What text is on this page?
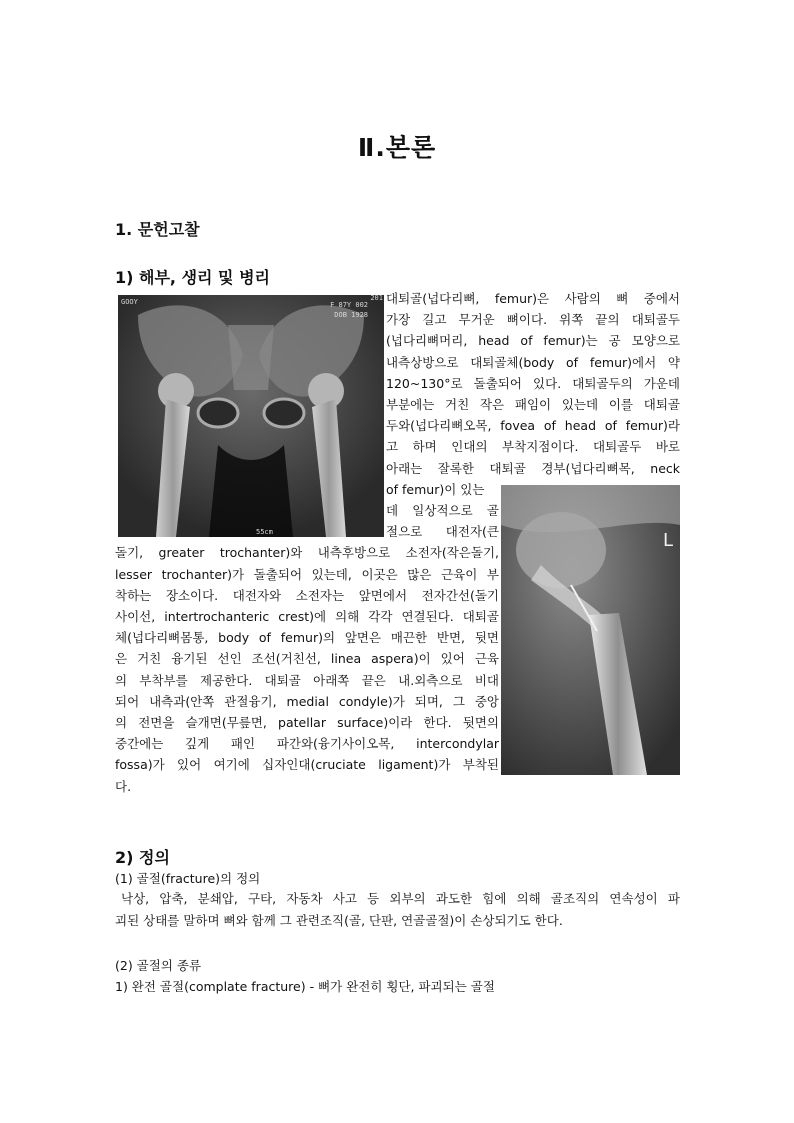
Ⅱ.본론
1. 문헌고찰
1) 해부, 생리 및 병리
GOOY	F 87Y 002
DOB 1928
201
55cm	L
대퇴골(넙다리뼈, femur)은 사람의 뼈 중에서
가장 길고 무거운 뼈이다. 위쪽 끝의 대퇴골두
(넙다리뼈머리, head of femur)는 공 모양으로
내측상방으로 대퇴골체(body of femur)에서 약
120~130°로 돌출되어 있다. 대퇴골두의 가운데
부분에는 거친 작은 패임이 있는데 이를 대퇴골
두와(넙다리뼈오목, fovea of head of femur)라
고 하며 인대의 부착지점이다. 대퇴골두 바로
아래는 잘록한 대퇴골 경부(넙다리뼈목, neck
of femur)이 있는
데 일상적으로 골
절으로 대전자(큰
돌기, greater trochanter)와 내측후방으로 소전자(작은돌기,
lesser trochanter)가 돌출되어 있는데, 이곳은 많은 근육이 부
착하는 장소이다. 대전자와 소전자는 앞면에서 전자간선(돌기
사이선, intertrochanteric crest)에 의해 각각 연결된다. 대퇴골
체(넙다리뼈몸통, body of femur)의 앞면은 매끈한 반면, 뒷면
은 거친 융기된 선인 조선(거친선, linea aspera)이 있어 근육
의 부착부를 제공한다. 대퇴골 아래쪽 끝은 내.외측으로 비대
되어 내측과(안쪽 관절융기, medial condyle)가 되며, 그 중앙
의 전면을 슬개면(무릎면, patellar surface)이라 한다. 뒷면의
중간에는 깊게 패인 파간와(융기사이오목, intercondylar
fossa)가 있어 여기에 십자인대(cruciate ligament)가 부착된
다.
2) 정의
(1) 골절(fracture)의 정의
낙상, 압축, 분쇄압, 구타, 자동차 사고 등 외부의 과도한 힘에 의해 골조직의 연속성이 파
괴된 상태를 말하며 뼈와 함께 그 관련조직(골, 단판, 연골골절)이 손상되기도 한다.
(2) 골절의 종류
1) 완전 골절(complate fracture) - 뼈가 완전히 횡단, 파괴되는 골절
